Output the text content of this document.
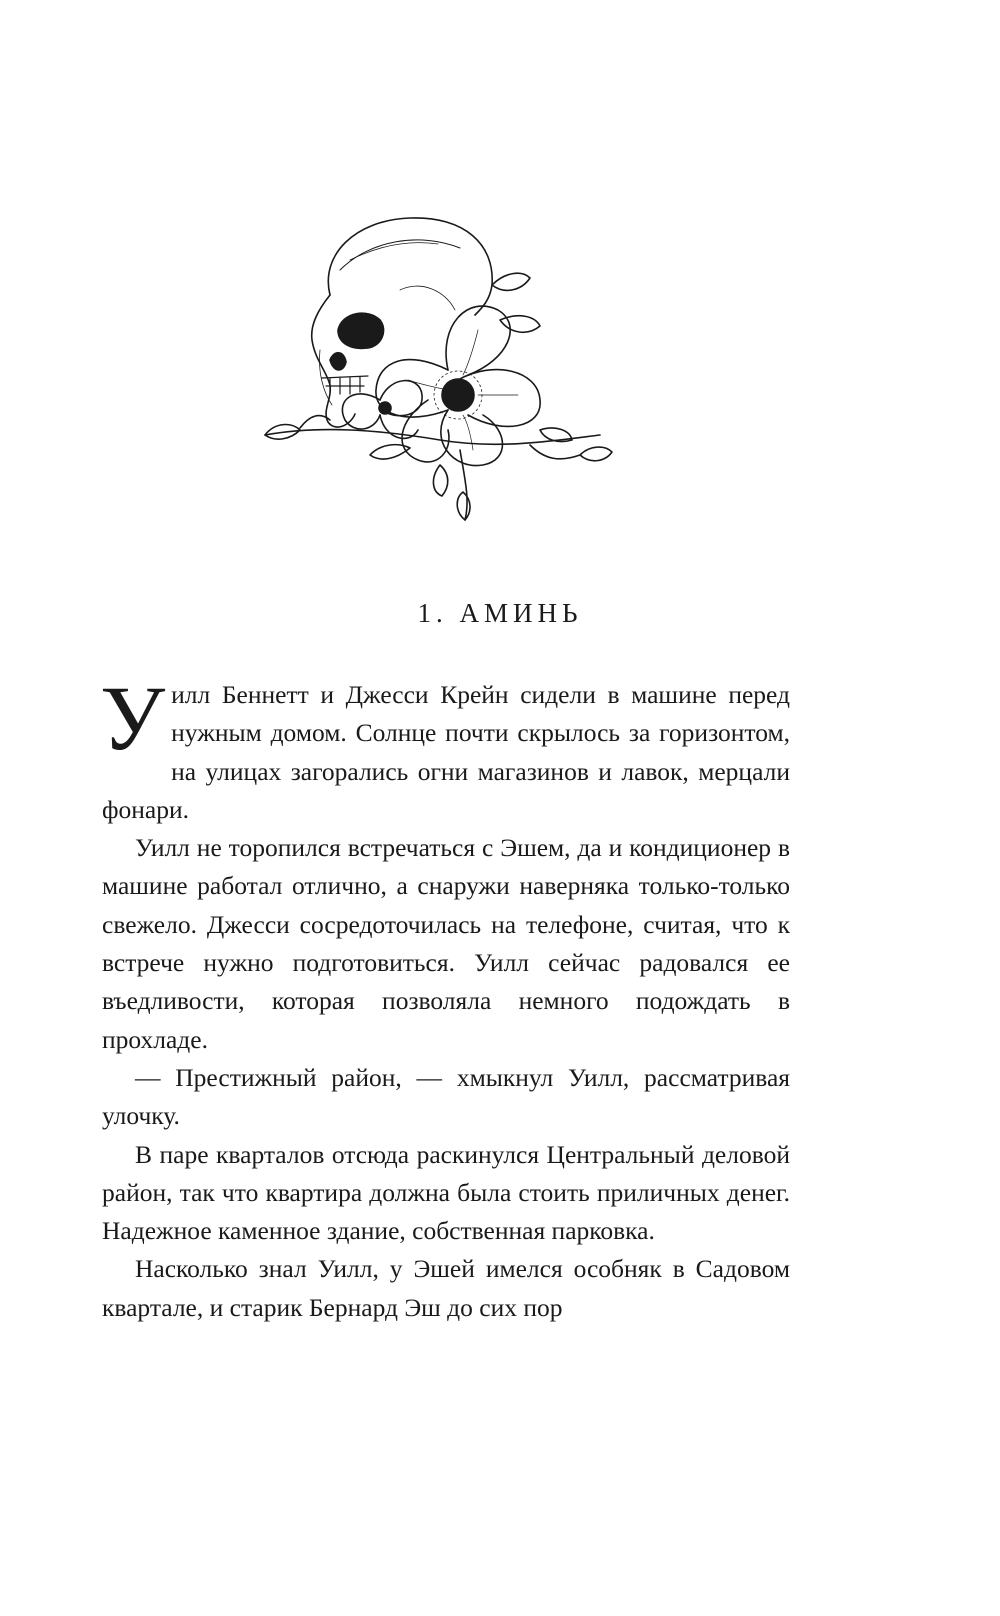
1. АМИНЬ

Уилл Беннетт и Джесси Крейн сидели в машине перед нужным домом. Солнце почти скрылось за горизонтом, на улицах загорались огни магазинов и лавок, мерцали фонари.

Уилл не торопился встречаться с Эшем, да и кондиционер в машине работал отлично, а снаружи наверняка только-только свежело. Джесси сосредоточилась на телефоне, считая, что к встрече нужно подготовиться. Уилл сейчас радовался ее въедливости, которая позволяла немного подождать в прохладе.

— Престижный район, — хмыкнул Уилл, рассматривая улочку.

В паре кварталов отсюда раскинулся Центральный деловой район, так что квартира должна была стоить приличных денег. Надежное каменное здание, собственная парковка.

Насколько знал Уилл, у Эшей имелся особняк в Садовом квартале, и старик Бернард Эш до сих пор
